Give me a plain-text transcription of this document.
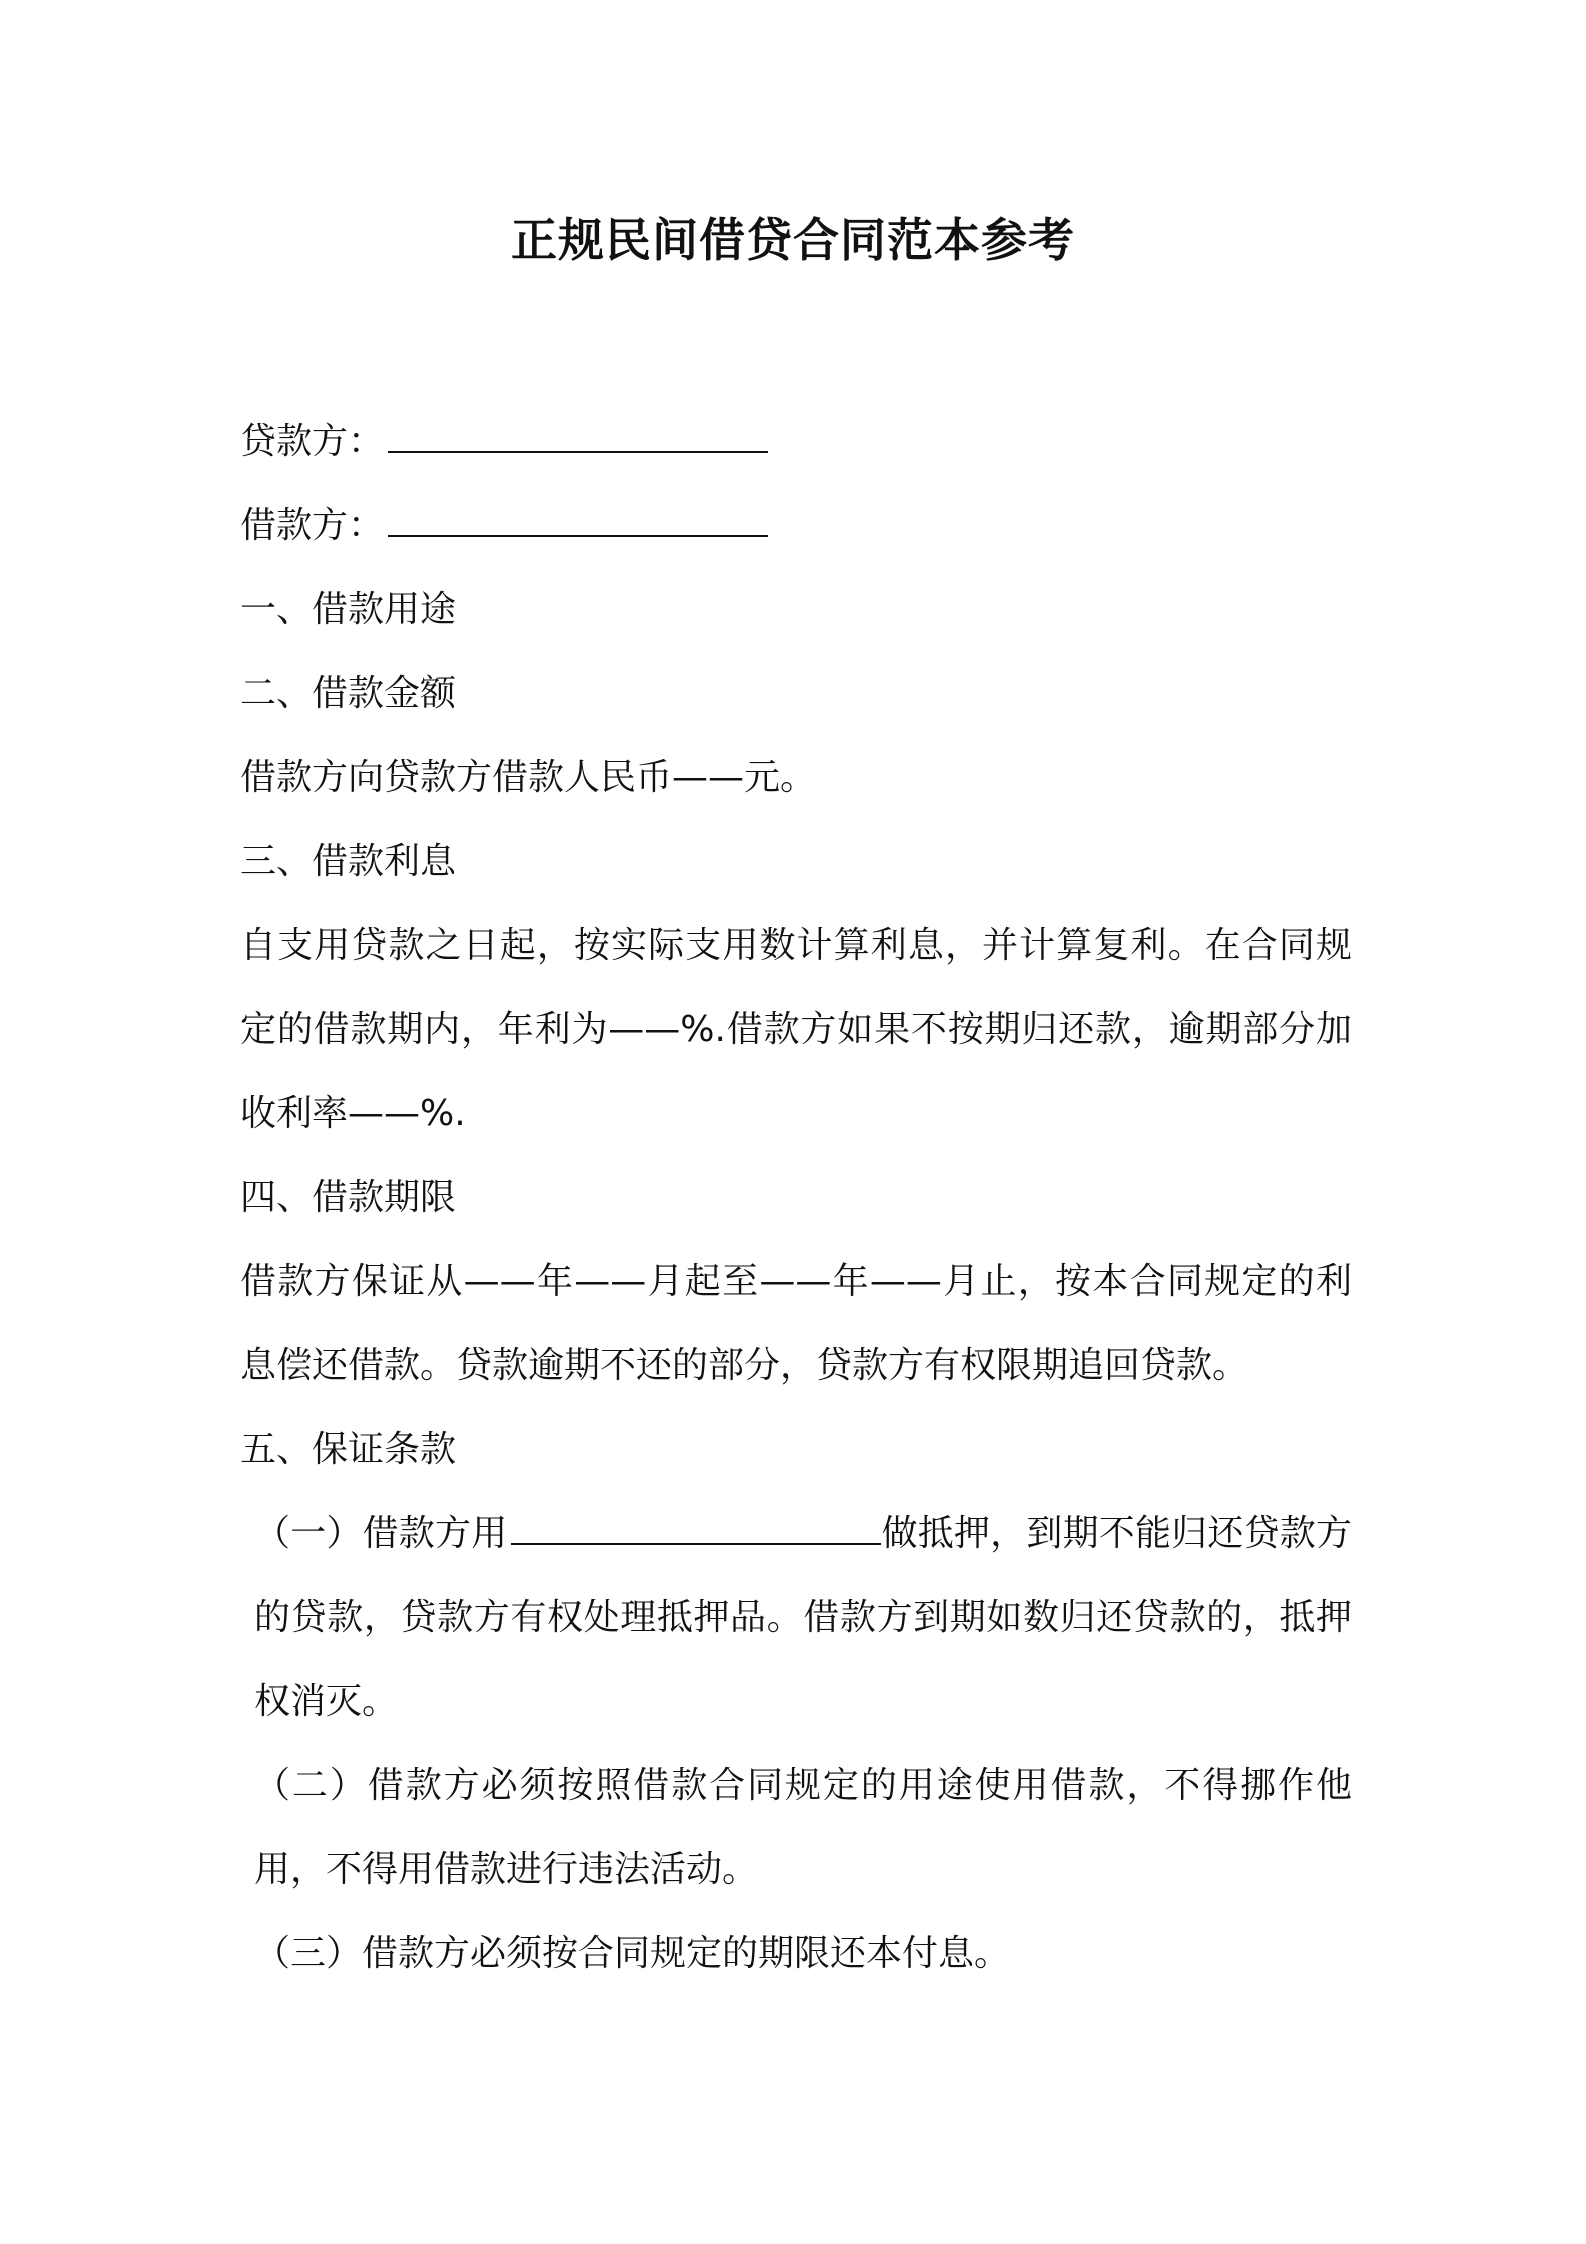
正规民间借贷合同范本参考
贷款方：
借款方：
一、借款用途
二、借款金额
借款方向贷款方借款人民币——元。
三、借款利息
自支用贷款之日起，按实际支用数计算利息，并计算复利。在合同规定的借款期内，年利为——%.借款方如果不按期归还款，逾期部分加收利率——%.
四、借款期限
借款方保证从——年——月起至——年——月止，按本合同规定的利息偿还借款。贷款逾期不还的部分，贷款方有权限期追回贷款。
五、保证条款
（一）借款方用	做抵押，到期不能归还贷款方的贷款，贷款方有权处理抵押品。借款方到期如数归还贷款的，抵押权消灭。
（二）借款方必须按照借款合同规定的用途使用借款，不得挪作他用，不得用借款进行违法活动。
（三）借款方必须按合同规定的期限还本付息。
